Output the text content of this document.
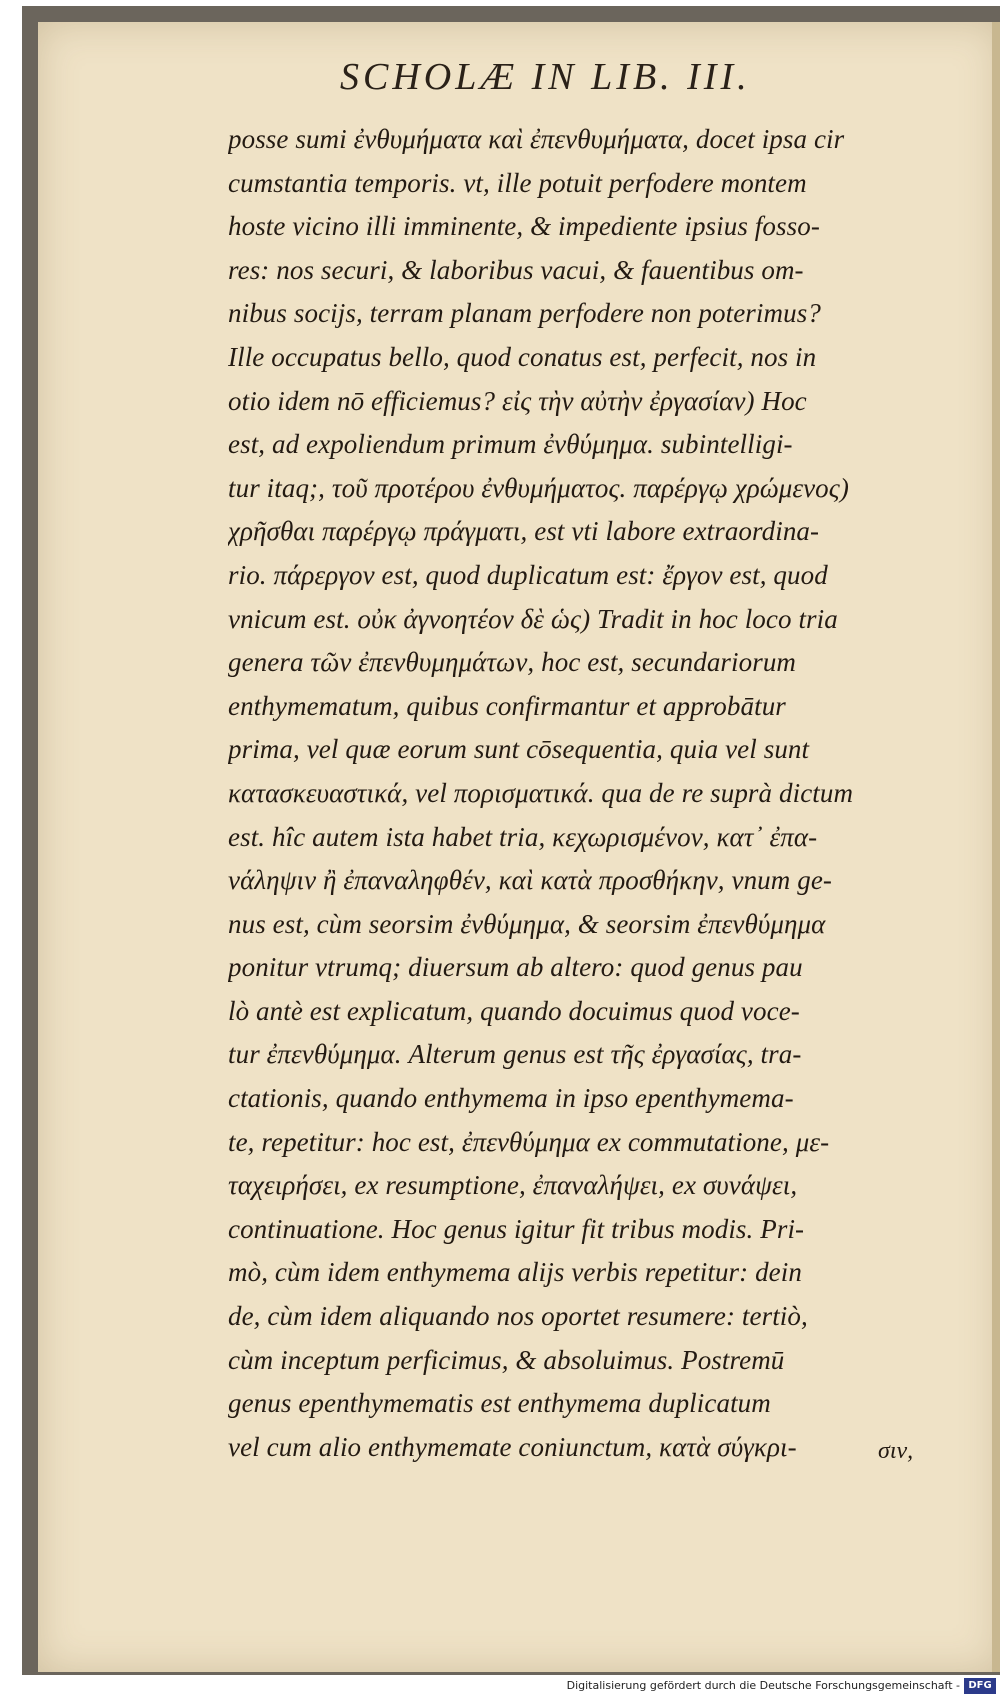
SCHOLÆ IN LIB. III.
posse sumi ἐνθυμήματα καὶ ἐπενθυμήματα, docet ipsa cir
cumstantia temporis. vt, ille potuit perfodere montem
hoste vicino illi imminente, & impediente ipsius fosso-
res: nos securi, & laboribus vacui, & fauentibus om-
nibus socijs, terram planam perfodere non poterimus?
Ille occupatus bello, quod conatus est, perfecit, nos in
otio idem nō efficiemus? εἰς τὴν αὐτὴν ἐργασίαν) Hoc
est, ad expoliendum primum ἐνθύμημα. subintelligi-
tur itaq;, τοῦ προτέρου ἐνθυμήματος. παρέργῳ χρώμενος)
χρῆσθαι παρέργῳ πράγματι, est vti labore extraordina-
rio. πάρεργον est, quod duplicatum est: ἔργον est, quod
vnicum est. οὐκ ἀγνοητέον δὲ ὡς) Tradit in hoc loco tria
genera τῶν ἐπενθυμημάτων, hoc est, secundariorum
enthymematum, quibus confirmantur et approbātur
prima, vel quæ eorum sunt cōsequentia, quia vel sunt
κατασκευαστικά, vel πορισματικά. qua de re suprà dictum
est. hîc autem ista habet tria, κεχωρισμένον, κατ᾽ ἐπα-
νάληψιν ἢ ἐπαναληφθέν, καὶ κατὰ προσθήκην, vnum ge-
nus est, cùm seorsim ἐνθύμημα, & seorsim ἐπενθύμημα
ponitur vtrumq; diuersum ab altero: quod genus pau
lò antè est explicatum, quando docuimus quod voce-
tur ἐπενθύμημα. Alterum genus est τῆς ἐργασίας, tra-
ctationis, quando enthymema in ipso epenthymema-
te, repetitur: hoc est, ἐπενθύμημα ex commutatione, με-
ταχειρήσει, ex resumptione, ἐπαναλήψει, ex συνάψει,
continuatione. Hoc genus igitur fit tribus modis. Pri-
mò, cùm idem enthymema alijs verbis repetitur: dein
de, cùm idem aliquando nos oportet resumere: tertiò,
cùm inceptum perficimus, & absoluimus. Postremū
genus epenthymematis est enthymema duplicatum
vel cum alio enthymemate coniunctum, κατὰ σύγκρι-	σιν,
Digitalisierung gefördert durch die Deutsche Forschungsgemeinschaft - DFG
